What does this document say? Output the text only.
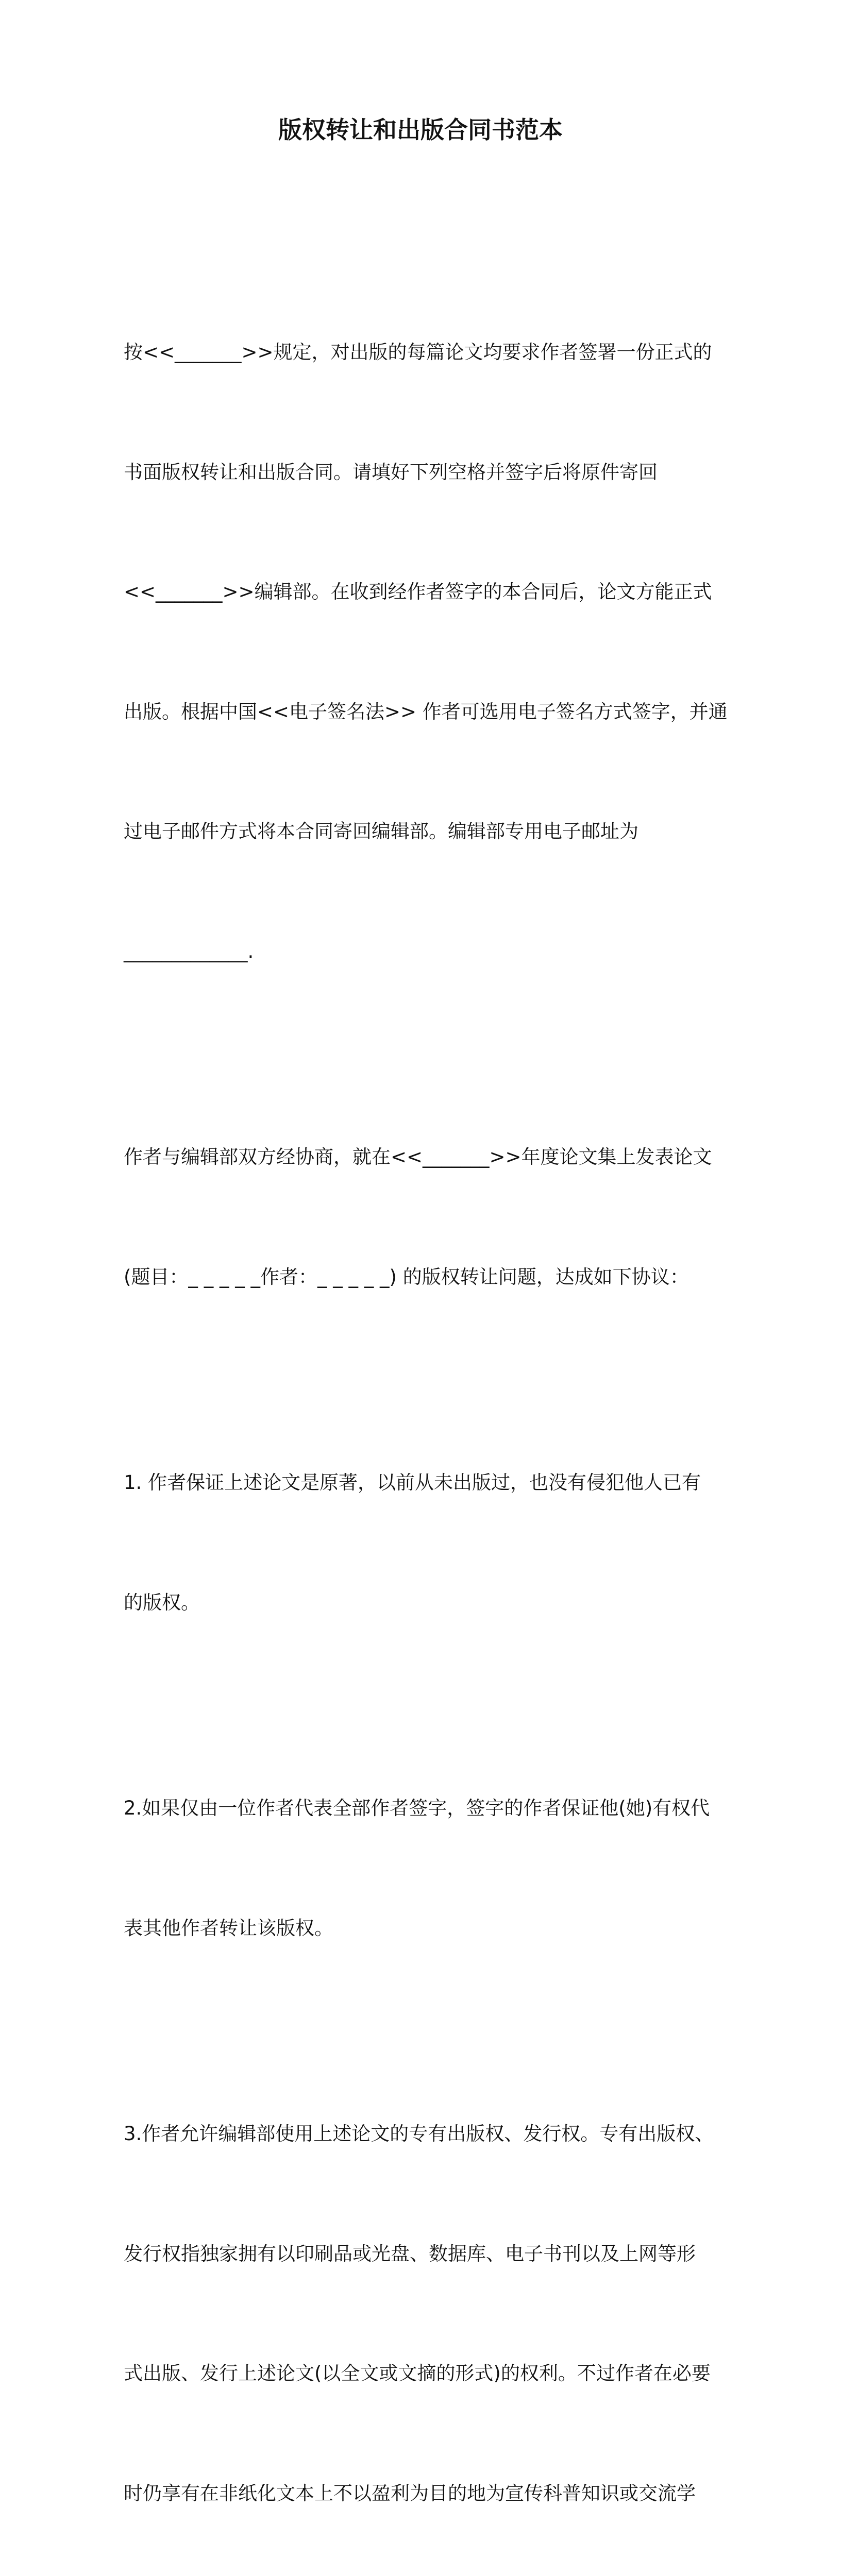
版权转让和出版合同书范本

按<<_______>>规定，对出版的每篇论文均要求作者签署一份正式的

书面版权转让和出版合同。请填好下列空格并签字后将原件寄回

<<_______>>编辑部。在收到经作者签字的本合同后，论文方能正式

出版。根据中国<<电子签名法>> 作者可选用电子签名方式签字，并通

过电子邮件方式将本合同寄回编辑部。编辑部专用电子邮址为

_____________.

作者与编辑部双方经协商，就在<<_______>>年度论文集上发表论文

(题目：_ _ _ _ _作者：_ _ _ _ _) 的版权转让问题，达成如下协议：

1. 作者保证上述论文是原著，以前从未出版过，也没有侵犯他人已有

的版权。

2.如果仅由一位作者代表全部作者签字，签字的作者保证他(她)有权代

表其他作者转让该版权。

3.作者允许编辑部使用上述论文的专有出版权、发行权。专有出版权、

发行权指独家拥有以印刷品或光盘、数据库、电子书刊以及上网等形

式出版、发行上述论文(以全文或文摘的形式)的权利。不过作者在必要

时仍享有在非纸化文本上不以盈利为目的地为宣传科普知识或交流学
